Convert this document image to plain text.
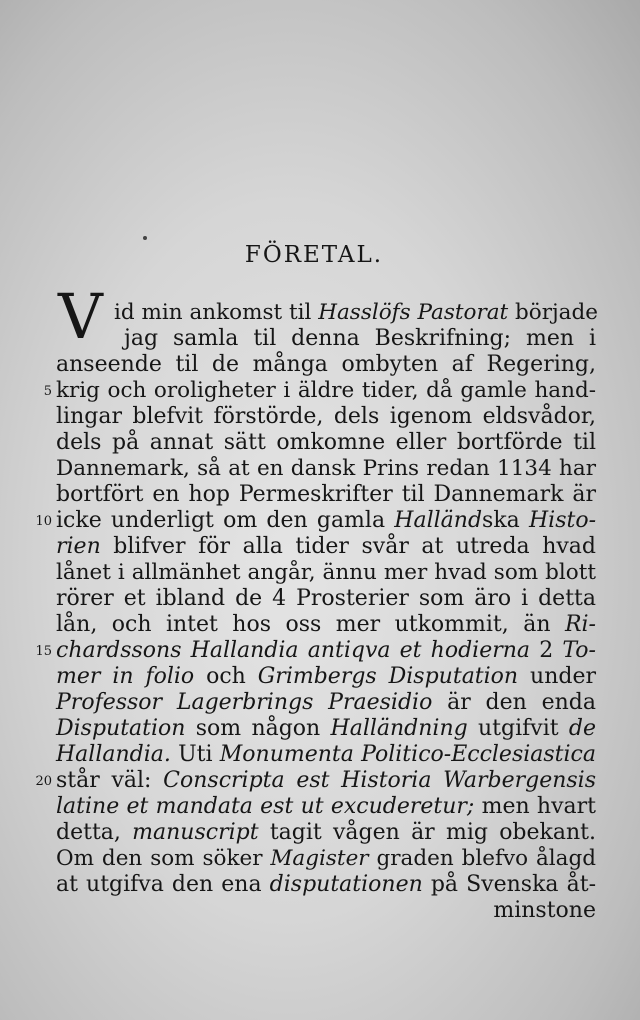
FÖRETAL.
V id min ankomst til Hasslöfs Pastorat började
jag samla til denna Beskrifning; men i
anseende til de många ombyten af Regering,
krig och oroligheter i äldre tider, då gamle hand-
lingar blefvit förstörde, dels igenom eldsvådor,
dels på annat sätt omkomne eller bortförde til
Dannemark, så at en dansk Prins redan 1134 har
bortfört en hop Permeskrifter til Dannemark är
icke underligt om den gamla Halländska Histo-
rien blifver för alla tider svår at utreda hvad
lånet i allmänhet angår, ännu mer hvad som blott
rörer et ibland de 4 Prosterier som äro i detta
lån, och intet hos oss mer utkommit, än Ri-
chardssons Hallandia antiqva et hodierna 2 To-
mer in folio och Grimbergs Disputation under
Professor Lagerbrings Praesidio är den enda
Disputation som någon Halländning utgifvit de
Hallandia. Uti Monumenta Politico-Ecclesiastica
står väl: Conscripta est Historia Warbergensis
latine et mandata est ut excuderetur; men hvart
detta, manuscript tagit vågen är mig obekant.
Om den som söker Magister graden blefvo ålagd
at utgifva den ena disputationen på Svenska åt-
minstone
5
10
15
20
